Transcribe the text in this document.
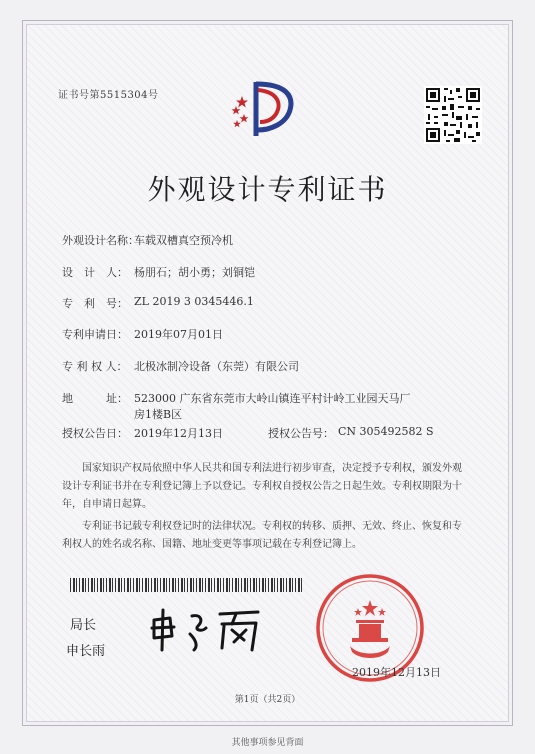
证书号第5515304号
外观设计专利证书
外观设计名称：
车载双槽真空预冷机
设　计　人： 杨朋石；胡小勇；刘铜铠
专　利　号： ZL 2019 3 0345446.1
专利申请日： 2019年07月01日
专 利 权 人： 北极冰制冷设备（东莞）有限公司
地　　　址： 523000 广东省东莞市大岭山镇连平村计岭工业园天马厂
房1楼B区
授权公告日： 2019年12月13日	授权公告号： CN 305492582 S
国家知识产权局依照中华人民共和国专利法进行初步审查，决定授予专利权，颁发外观
设计专利证书并在专利登记簿上予以登记。专利权自授权公告之日起生效。专利权期限为十
年，自申请日起算。
专利证书记载专利权登记时的法律状况。专利权的转移、质押、无效、终止、恢复和专
利权人的姓名或名称、国籍、地址变更等事项记载在专利登记簿上。
局长
申长雨
2019年12月13日
第1页（共2页）
其他事项参见背面
